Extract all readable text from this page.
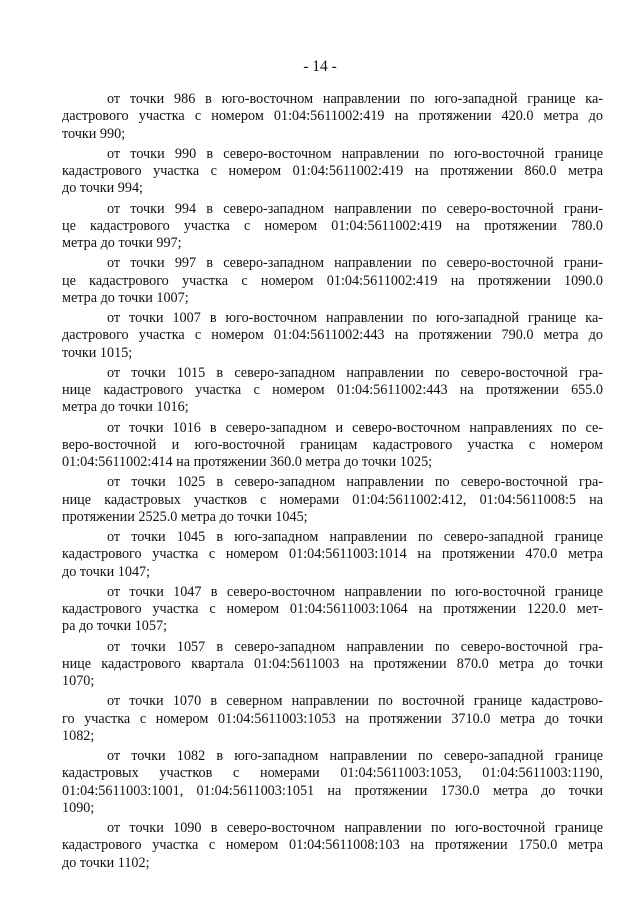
- 14 -
от точки 986 в юго-восточном направлении по юго-западной границе ка-
дастрового участка с номером 01:04:5611002:419 на протяжении 420.0 метра до
точки 990;
от точки 990 в северо-восточном направлении по юго-восточной границе
кадастрового участка с номером 01:04:5611002:419 на протяжении 860.0 метра
до точки 994;
от точки 994 в северо-западном направлении по северо-восточной грани-
це кадастрового участка с номером 01:04:5611002:419 на протяжении 780.0
метра до точки 997;
от точки 997 в северо-западном направлении по северо-восточной грани-
це кадастрового участка с номером 01:04:5611002:419 на протяжении 1090.0
метра до точки 1007;
от точки 1007 в юго-восточном направлении по юго-западной границе ка-
дастрового участка с номером 01:04:5611002:443 на протяжении 790.0 метра до
точки 1015;
от точки 1015 в северо-западном направлении по северо-восточной гра-
нице кадастрового участка с номером 01:04:5611002:443 на протяжении 655.0
метра до точки 1016;
от точки 1016 в северо-западном и северо-восточном направлениях по се-
веро-восточной и юго-восточной границам кадастрового участка с номером
01:04:5611002:414 на протяжении 360.0 метра до точки 1025;
от точки 1025 в северо-западном направлении по северо-восточной гра-
нице кадастровых участков с номерами 01:04:5611002:412, 01:04:5611008:5 на
протяжении 2525.0 метра до точки 1045;
от точки 1045 в юго-западном направлении по северо-западной границе
кадастрового участка с номером 01:04:5611003:1014 на протяжении 470.0 метра
до точки 1047;
от точки 1047 в северо-восточном направлении по юго-восточной границе
кадастрового участка с номером 01:04:5611003:1064 на протяжении 1220.0 мет-
ра до точки 1057;
от точки 1057 в северо-западном направлении по северо-восточной гра-
нице кадастрового квартала 01:04:5611003 на протяжении 870.0 метра до точки
1070;
от точки 1070 в северном направлении по восточной границе кадастрово-
го участка с номером 01:04:5611003:1053 на протяжении 3710.0 метра до точки
1082;
от точки 1082 в юго-западном направлении по северо-западной границе
кадастровых участков с номерами 01:04:5611003:1053, 01:04:5611003:1190,
01:04:5611003:1001, 01:04:5611003:1051 на протяжении 1730.0 метра до точки
1090;
от точки 1090 в северо-восточном направлении по юго-восточной границе
кадастрового участка с номером 01:04:5611008:103 на протяжении 1750.0 метра
до точки 1102;
